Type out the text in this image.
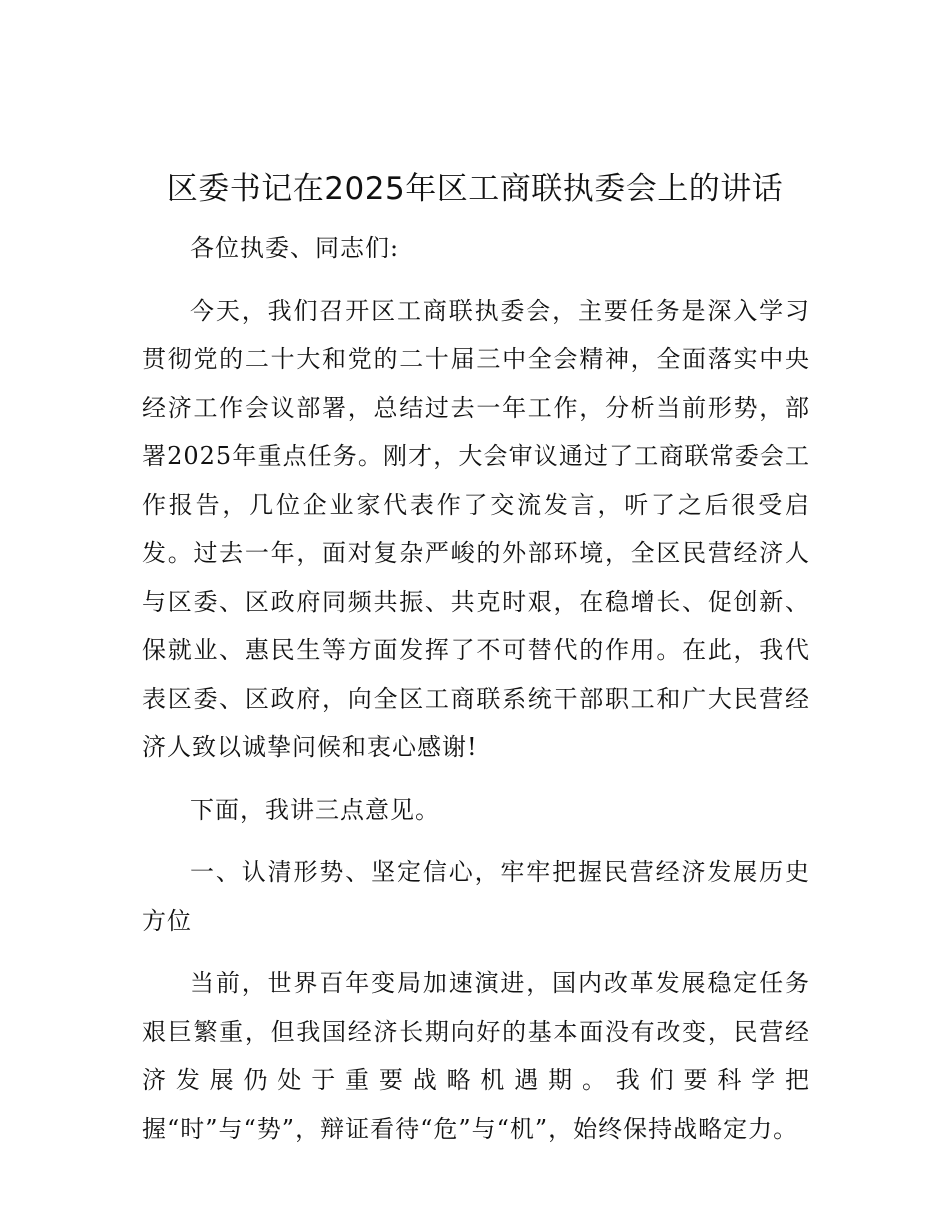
区委书记在2025年区工商联执委会上的讲话

各位执委、同志们:

今天，我们召开区工商联执委会，主要任务是深入学习贯彻党的二十大和党的二十届三中全会精神，全面落实中央经济工作会议部署，总结过去一年工作，分析当前形势，部署2025年重点任务。刚才，大会审议通过了工商联常委会工作报告，几位企业家代表作了交流发言，听了之后很受启发。过去一年，面对复杂严峻的外部环境，全区民营经济人与区委、区政府同频共振、共克时艰，在稳增长、促创新、保就业、惠民生等方面发挥了不可替代的作用。在此，我代表区委、区政府，向全区工商联系统干部职工和广大民营经济人致以诚挚问候和衷心感谢!

下面，我讲三点意见。

一、认清形势、坚定信心，牢牢把握民营经济发展历史方位

当前，世界百年变局加速演进，国内改革发展稳定任务艰巨繁重，但我国经济长期向好的基本面没有改变，民营经济发展仍处于重要战略机遇期。我们要科学把握“时”与“势”，辩证看待“危”与“机”，始终保持战略定力。
